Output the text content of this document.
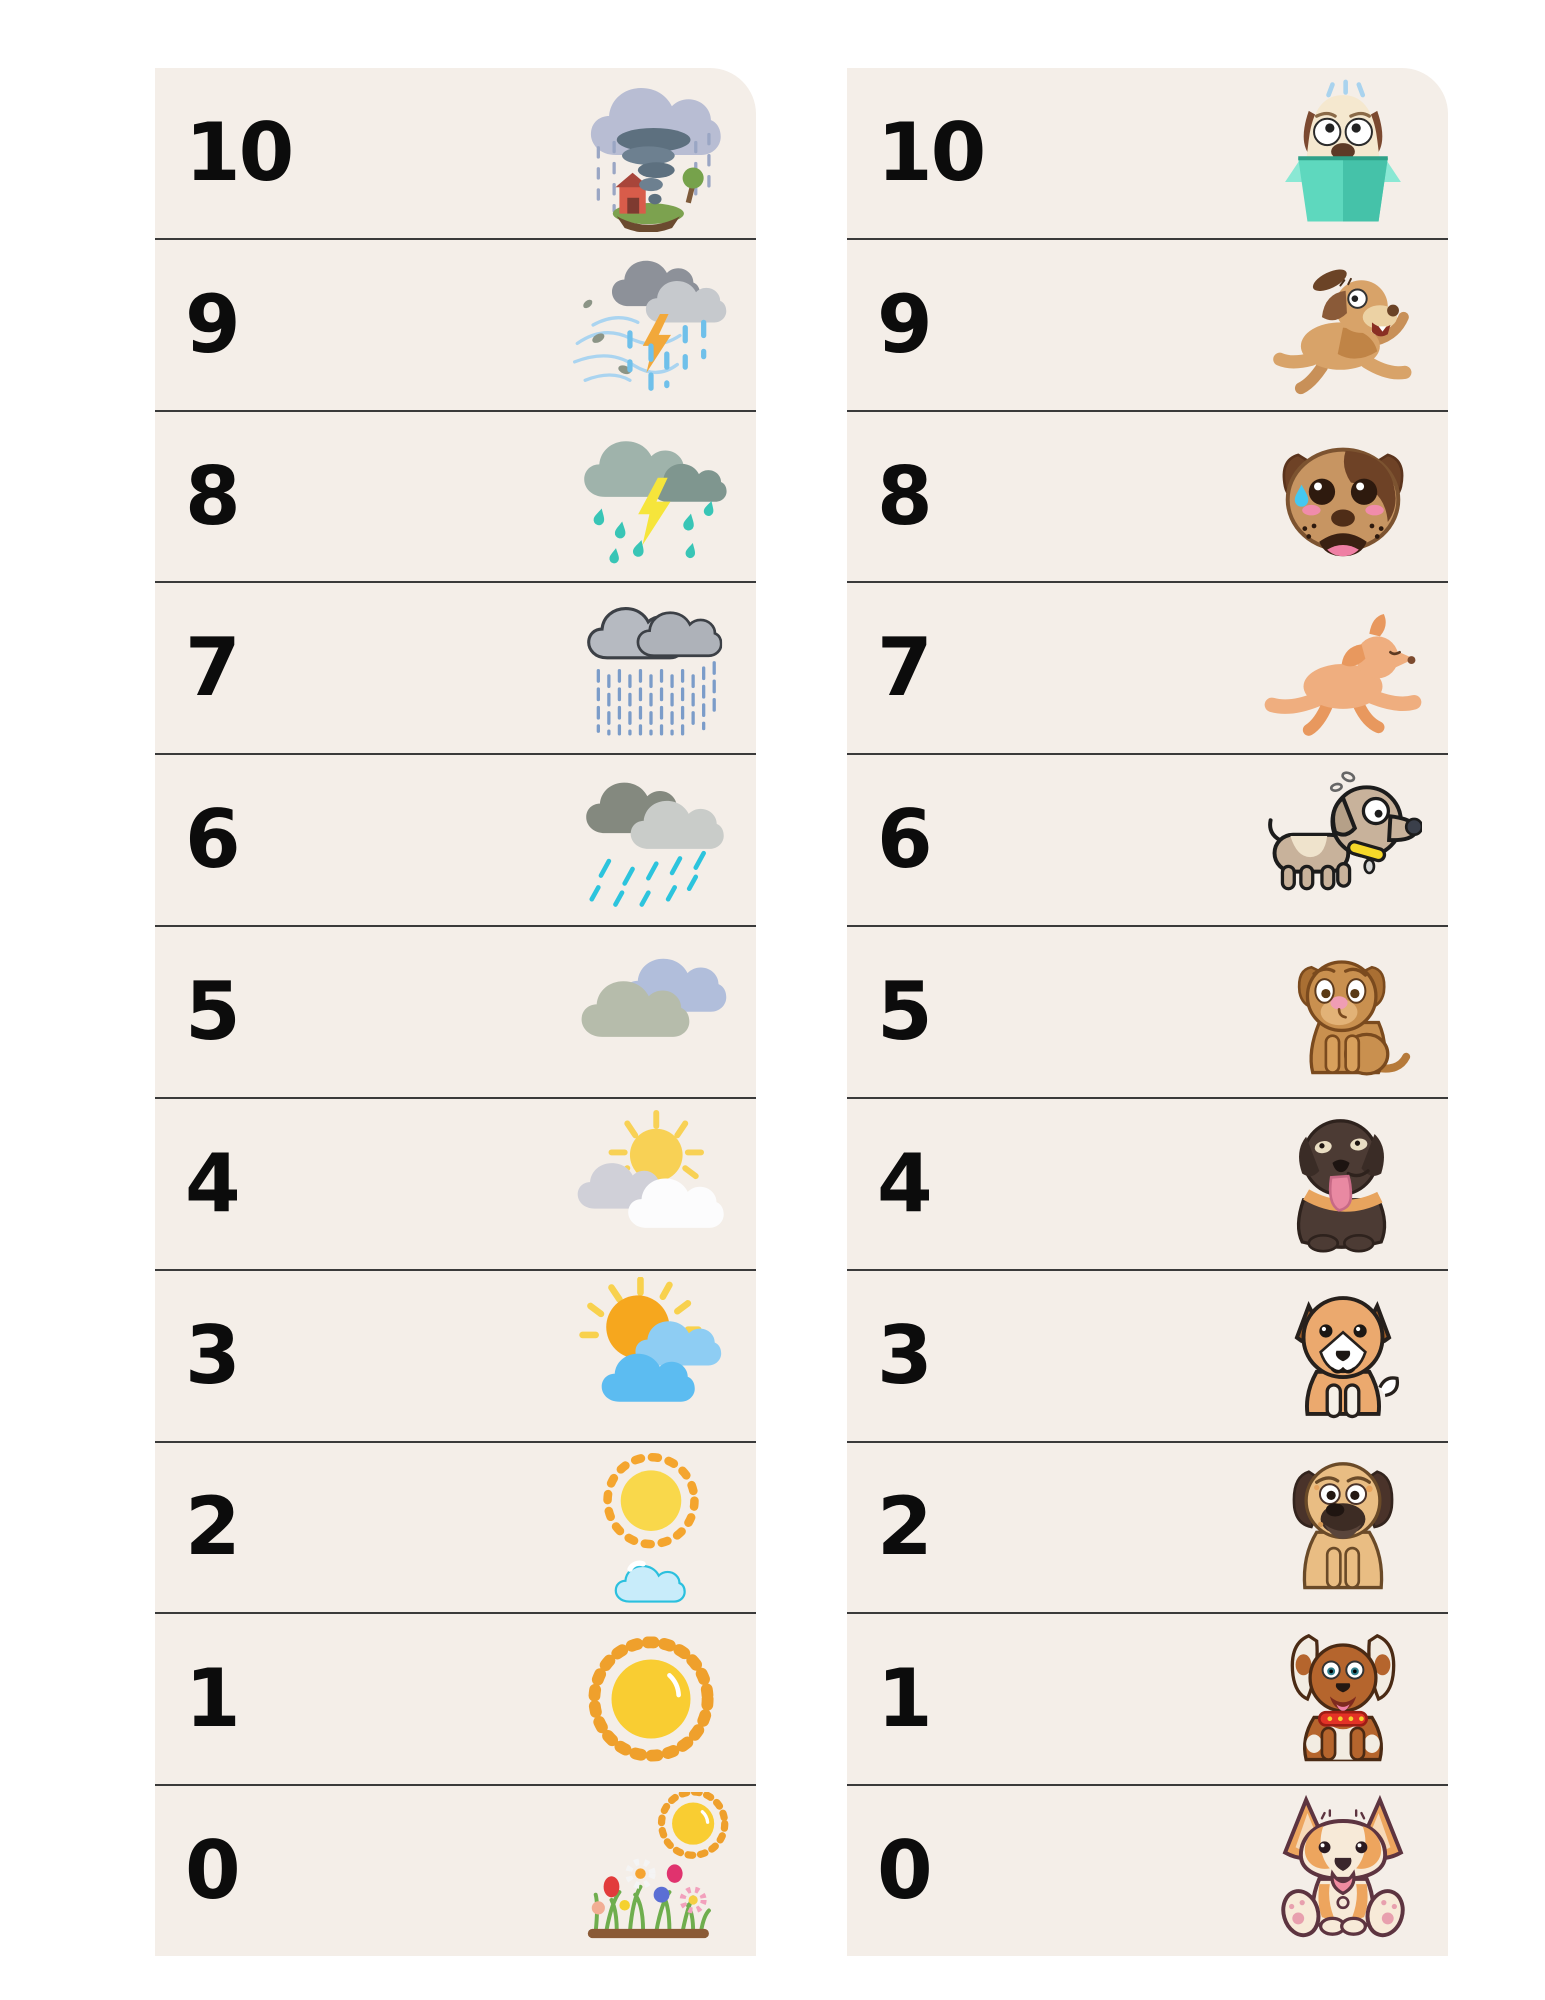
10
9
8
7
6
5
4
3
2
1
0
10
9
8
7
6
5
4
3
2
1
0
